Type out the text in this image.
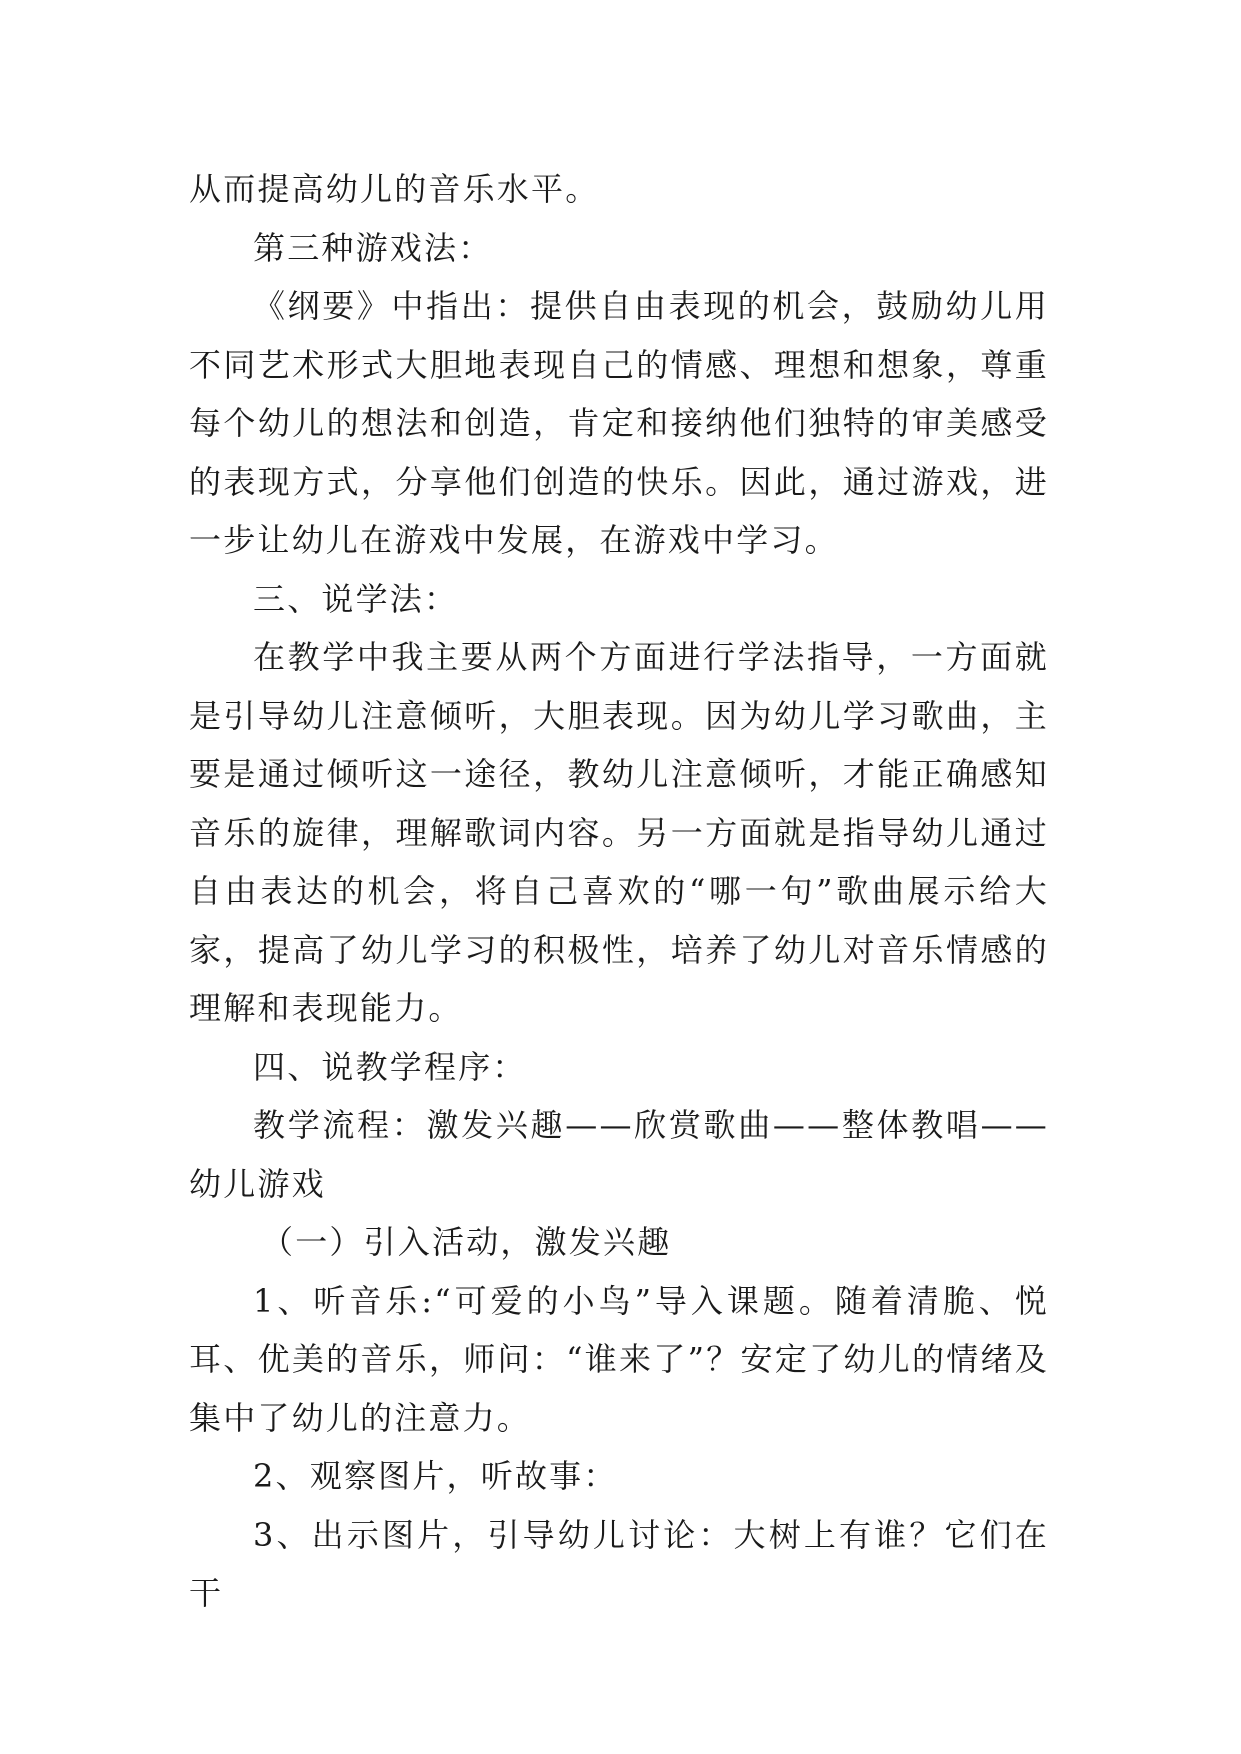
从而提高幼儿的音乐水平。

第三种游戏法：

《纲要》中指出：提供自由表现的机会，鼓励幼儿用不同艺术形式大胆地表现自己的情感、理想和想象，尊重每个幼儿的想法和创造，肯定和接纳他们独特的审美感受的表现方式，分享他们创造的快乐。因此，通过游戏，进一步让幼儿在游戏中发展，在游戏中学习。

三、说学法：

在教学中我主要从两个方面进行学法指导，一方面就是引导幼儿注意倾听，大胆表现。因为幼儿学习歌曲，主要是通过倾听这一途径，教幼儿注意倾听，才能正确感知音乐的旋律，理解歌词内容。另一方面就是指导幼儿通过自由表达的机会，将自己喜欢的“哪一句”歌曲展示给大家，提高了幼儿学习的积极性，培养了幼儿对音乐情感的理解和表现能力。

四、说教学程序：

教学流程：激发兴趣——欣赏歌曲——整体教唱——幼儿游戏

（一）引入活动，激发兴趣

1、听音乐:“可爱的小鸟”导入课题。随着清脆、悦耳、优美的音乐，师问：“谁来了”？安定了幼儿的情绪及集中了幼儿的注意力。

2、观察图片，听故事：

3、出示图片，引导幼儿讨论：大树上有谁？它们在干
